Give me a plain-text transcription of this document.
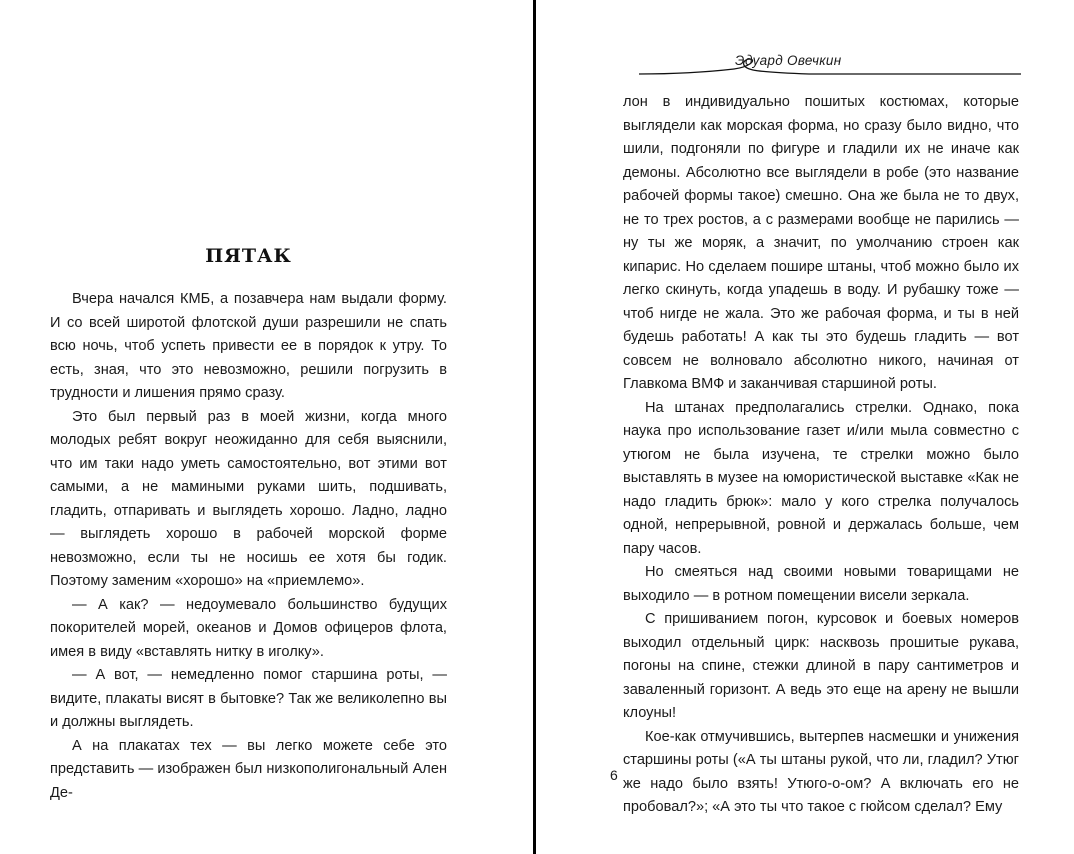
ПЯТАК

Вчера начался КМБ, а позавчера нам выдали форму. И со всей широтой флотской души разрешили не спать всю ночь, чтоб успеть привести ее в порядок к утру. То есть, зная, что это невозможно, решили погрузить в трудности и лишения прямо сразу.

Это был первый раз в моей жизни, когда много молодых ребят вокруг неожиданно для себя выяснили, что им таки надо уметь самостоятельно, вот этими вот самыми, а не мамиными руками шить, подшивать, гладить, отпаривать и выглядеть хорошо. Ладно, ладно — выглядеть хорошо в рабочей морской форме невозможно, если ты не носишь ее хотя бы годик. Поэтому заменим «хорошо» на «приемлемо».

— А как? — недоумевало большинство будущих покорителей морей, океанов и Домов офицеров флота, имея в виду «вставлять нитку в иголку».

— А вот, — немедленно помог старшина роты, — видите, плакаты висят в бытовке? Так же великолепно вы и должны выглядеть.

А на плакатах тех — вы легко можете себе это представить — изображен был низкополигональный Ален Де-

Эдуард Овечкин

лон в индивидуально пошитых костюмах, которые выглядели как морская форма, но сразу было видно, что шили, подгоняли по фигуре и гладили их не иначе как демоны. Абсолютно все выглядели в робе (это название рабочей формы такое) смешно. Она же была не то двух, не то трех ростов, а с размерами вообще не парились — ну ты же моряк, а значит, по умолчанию строен как кипарис. Но сделаем пошире штаны, чтоб можно было их легко скинуть, когда упадешь в воду. И рубашку тоже — чтоб нигде не жала. Это же рабочая форма, и ты в ней будешь работать! А как ты это будешь гладить — вот совсем не волновало абсолютно никого, начиная от Главкома ВМФ и заканчивая старшиной роты.

На штанах предполагались стрелки. Однако, пока наука про использование газет и/или мыла совместно с утюгом не была изучена, те стрелки можно было выставлять в музее на юмористической выставке «Как не надо гладить брюк»: мало у кого стрелка получалось одной, непрерывной, ровной и держалась больше, чем пару часов.

Но смеяться над своими новыми товарищами не выходило — в ротном помещении висели зеркала.

С пришиванием погон, курсовок и боевых номеров выходил отдельный цирк: насквозь прошитые рукава, погоны на спине, стежки длиной в пару сантиметров и заваленный горизонт. А ведь это еще на арену не вышли клоуны!

Кое-как отмучившись, вытерпев насмешки и унижения старшины роты («А ты штаны рукой, что ли, гладил? Утюг же надо было взять! Утюго-о-ом? А включать его не пробовал?»; «А это ты что такое с гюйсом сделал? Ему

6
